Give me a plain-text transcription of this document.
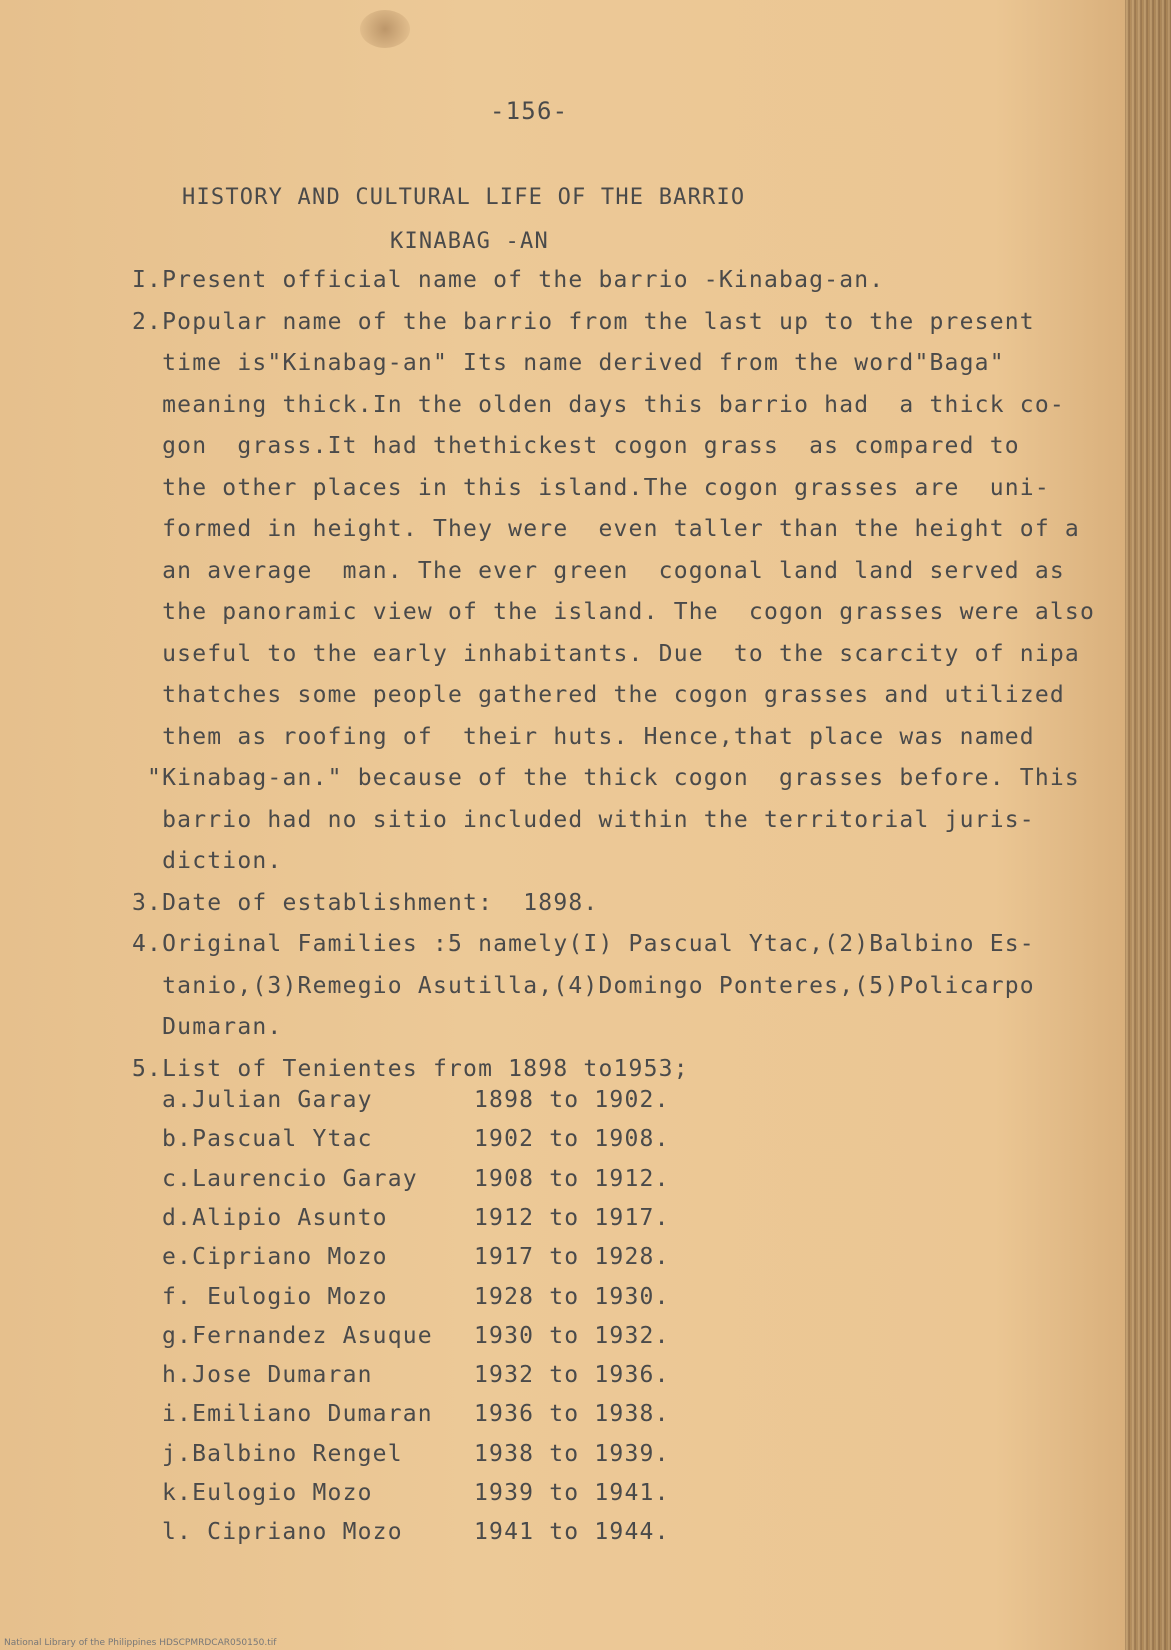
-156-
HISTORY AND CULTURAL LIFE OF THE BARRIO
KINABAG -AN
I.Present official name of the barrio -Kinabag-an.
2.Popular name of the barrio from the last up to the present
time is"Kinabag-an" Its name derived from the word"Baga"
meaning thick.In the olden days this barrio had  a thick co-
gon  grass.It had thethickest cogon grass  as compared to
the other places in this island.The cogon grasses are  uni-
formed in height. They were  even taller than the height of a
an average  man. The ever green  cogonal land land served as
the panoramic view of the island. The  cogon grasses were also
useful to the early inhabitants. Due  to the scarcity of nipa
thatches some people gathered the cogon grasses and utilized
them as roofing of  their huts. Hence,that place was named
"Kinabag-an." because of the thick cogon  grasses before. This
barrio had no sitio included within the territorial juris-
diction.
3.Date of establishment:  1898.
4.Original Families :5 namely(I) Pascual Ytac,(2)Balbino Es-
tanio,(3)Remegio Asutilla,(4)Domingo Ponteres,(5)Policarpo
Dumaran.
5.List of Tenientes from 1898 to1953;
a.Julian Garay	1898 to 1902.
b.Pascual Ytac	1902 to 1908.
c.Laurencio Garay 1908 to 1912.
d.Alipio Asunto	1912 to 1917.
e.Cipriano Mozo	1917 to 1928.
f. Eulogio Mozo	1928 to 1930.
g.Fernandez Asuque 1930 to 1932.
h.Jose Dumaran	1932 to 1936.
i.Emiliano Dumaran 1936 to 1938.
j.Balbino Rengel	1938 to 1939.
k.Eulogio Mozo	1939 to 1941.
l. Cipriano Mozo	1941 to 1944.
National Library of the Philippines HDSCPMRDCAR050150.tif
